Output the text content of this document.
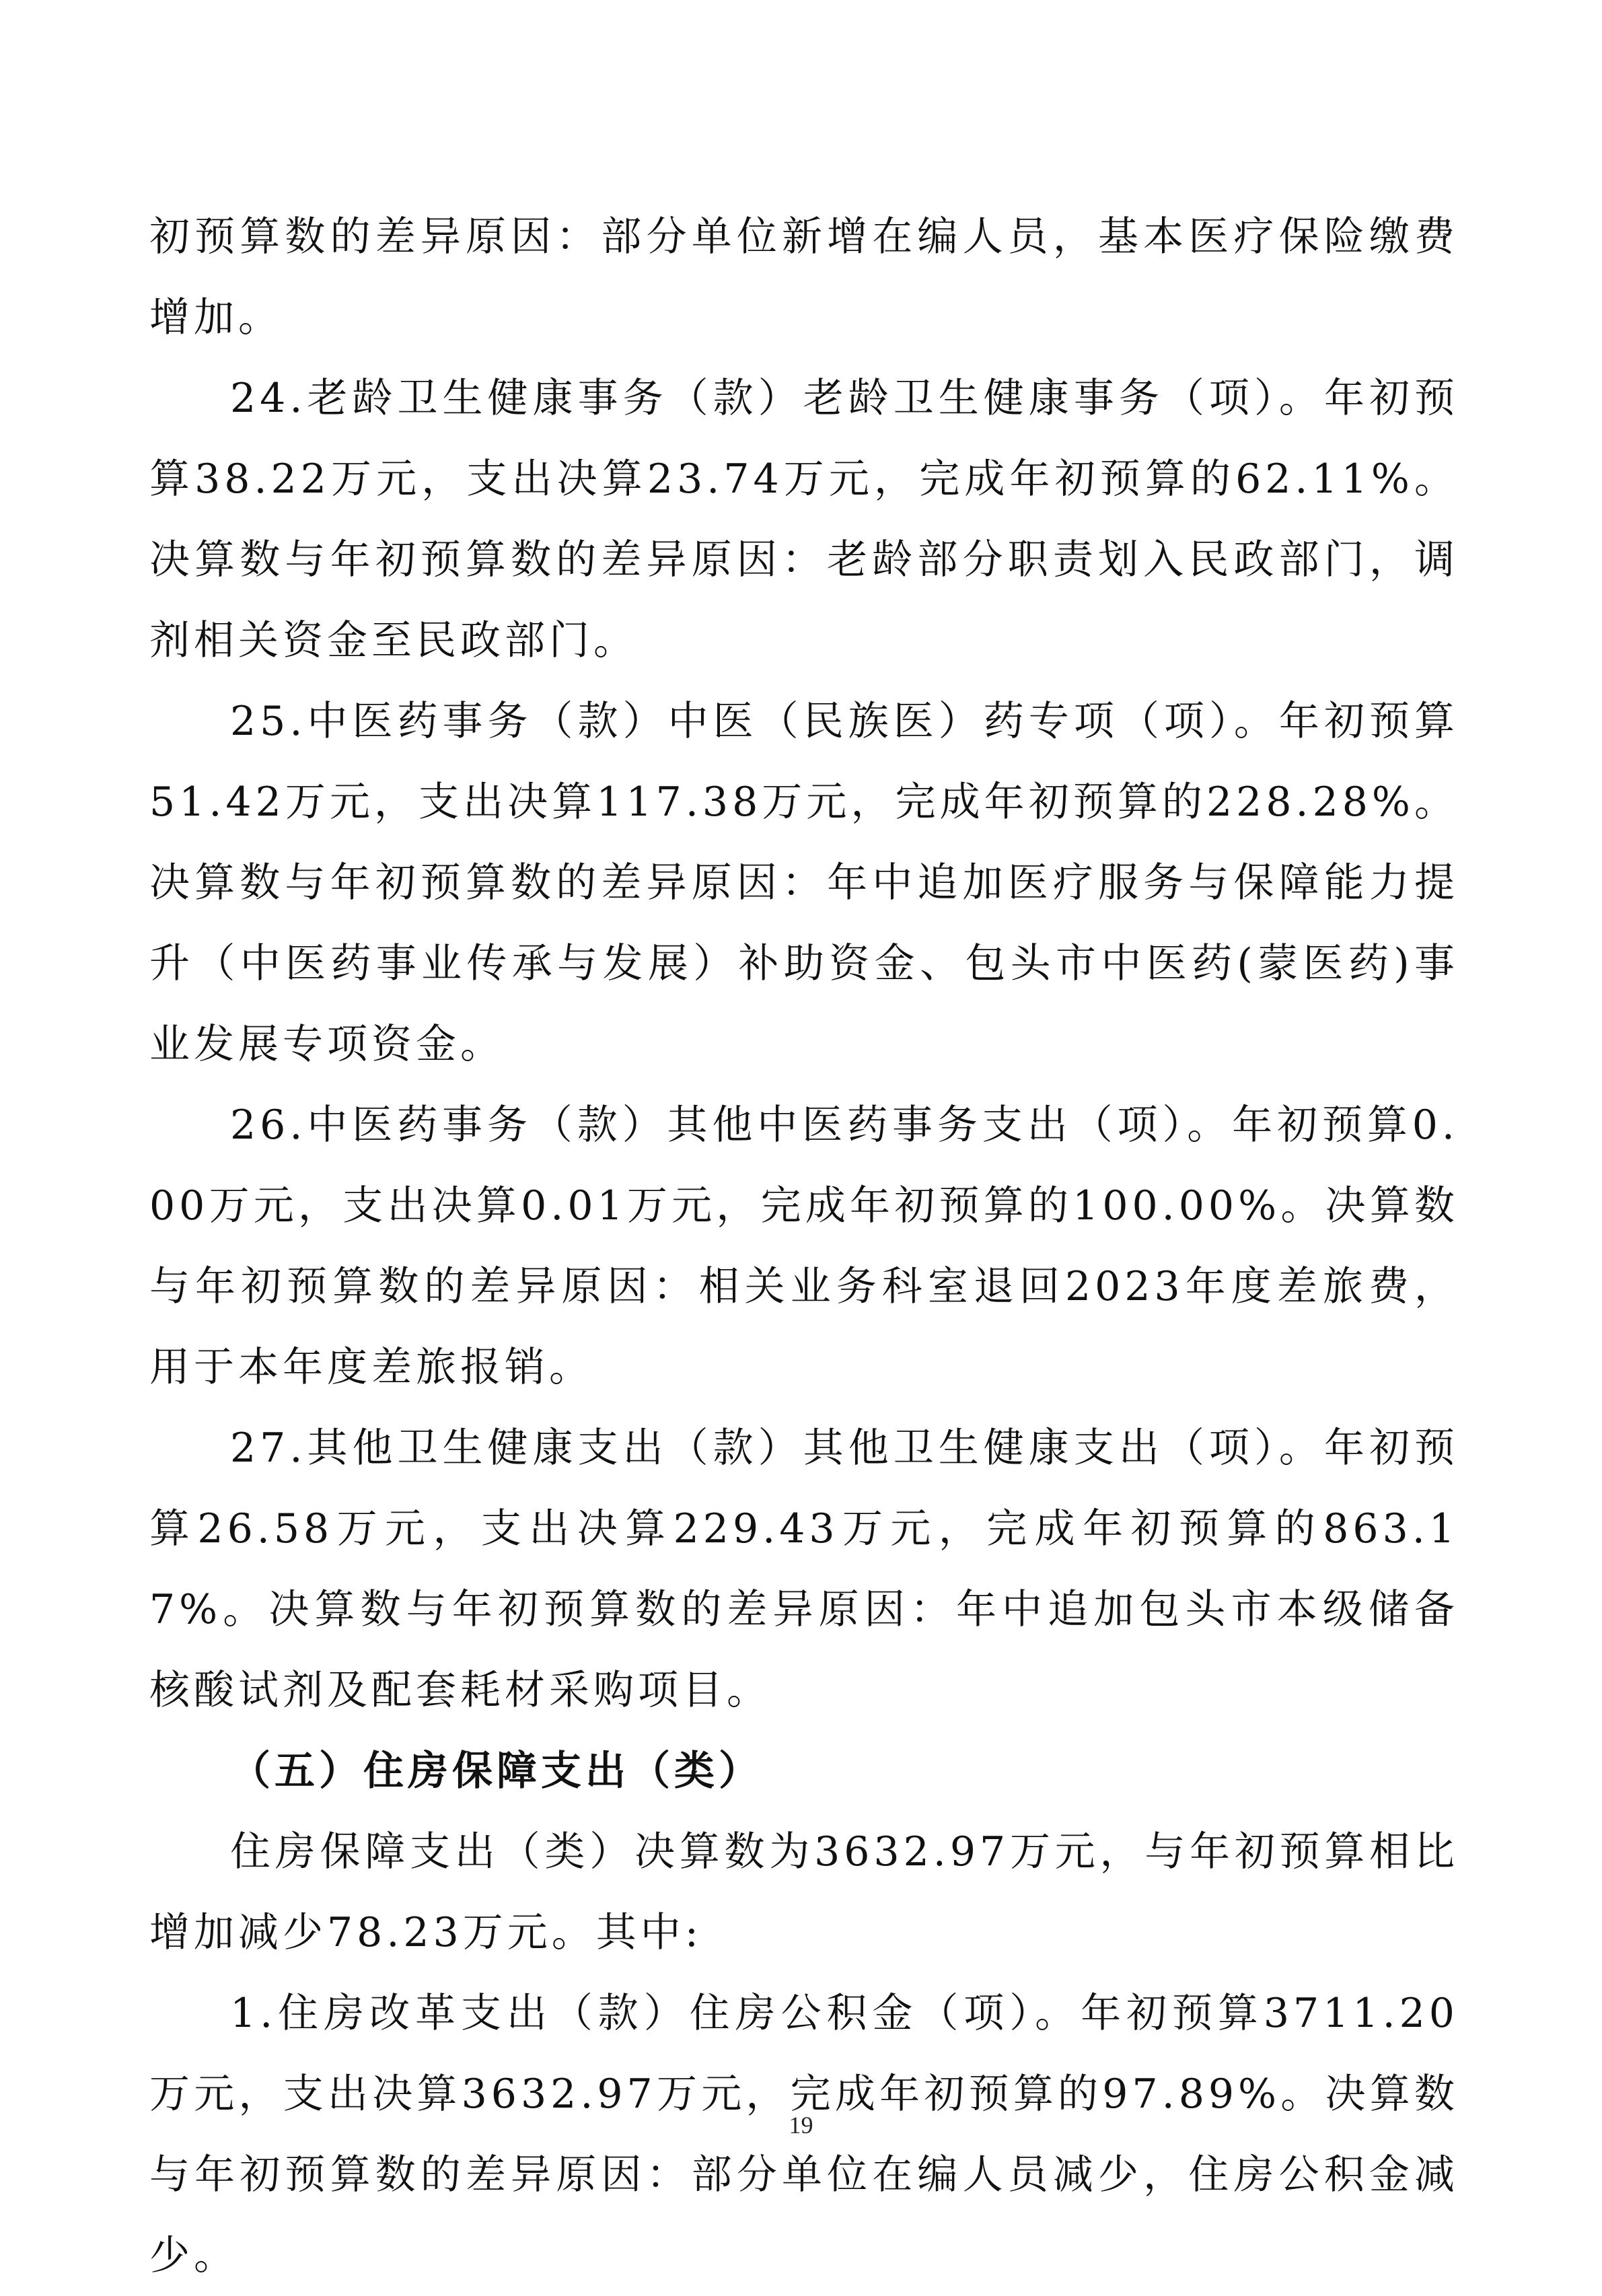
初预算数的差异原因：部分单位新增在编人员，基本医疗保险缴费增加。

24.老龄卫生健康事务（款）老龄卫生健康事务（项）。年初预算38.22万元，支出决算23.74万元，完成年初预算的62.11%。决算数与年初预算数的差异原因：老龄部分职责划入民政部门，调剂相关资金至民政部门。

25.中医药事务（款）中医（民族医）药专项（项）。年初预算51.42万元，支出决算117.38万元，完成年初预算的228.28%。决算数与年初预算数的差异原因：年中追加医疗服务与保障能力提升（中医药事业传承与发展）补助资金、包头市中医药(蒙医药)事业发展专项资金。

26.中医药事务（款）其他中医药事务支出（项）。年初预算0.00万元，支出决算0.01万元，完成年初预算的100.00%。决算数与年初预算数的差异原因：相关业务科室退回2023年度差旅费，用于本年度差旅报销。

27.其他卫生健康支出（款）其他卫生健康支出（项）。年初预算26.58万元，支出决算229.43万元，完成年初预算的863.17%。决算数与年初预算数的差异原因：年中追加包头市本级储备核酸试剂及配套耗材采购项目。

（五）住房保障支出（类）

住房保障支出（类）决算数为3632.97万元，与年初预算相比增加减少78.23万元。其中:

1.住房改革支出（款）住房公积金（项）。年初预算3711.20万元，支出决算3632.97万元，完成年初预算的97.89%。决算数与年初预算数的差异原因：部分单位在编人员减少，住房公积金减少。

19
